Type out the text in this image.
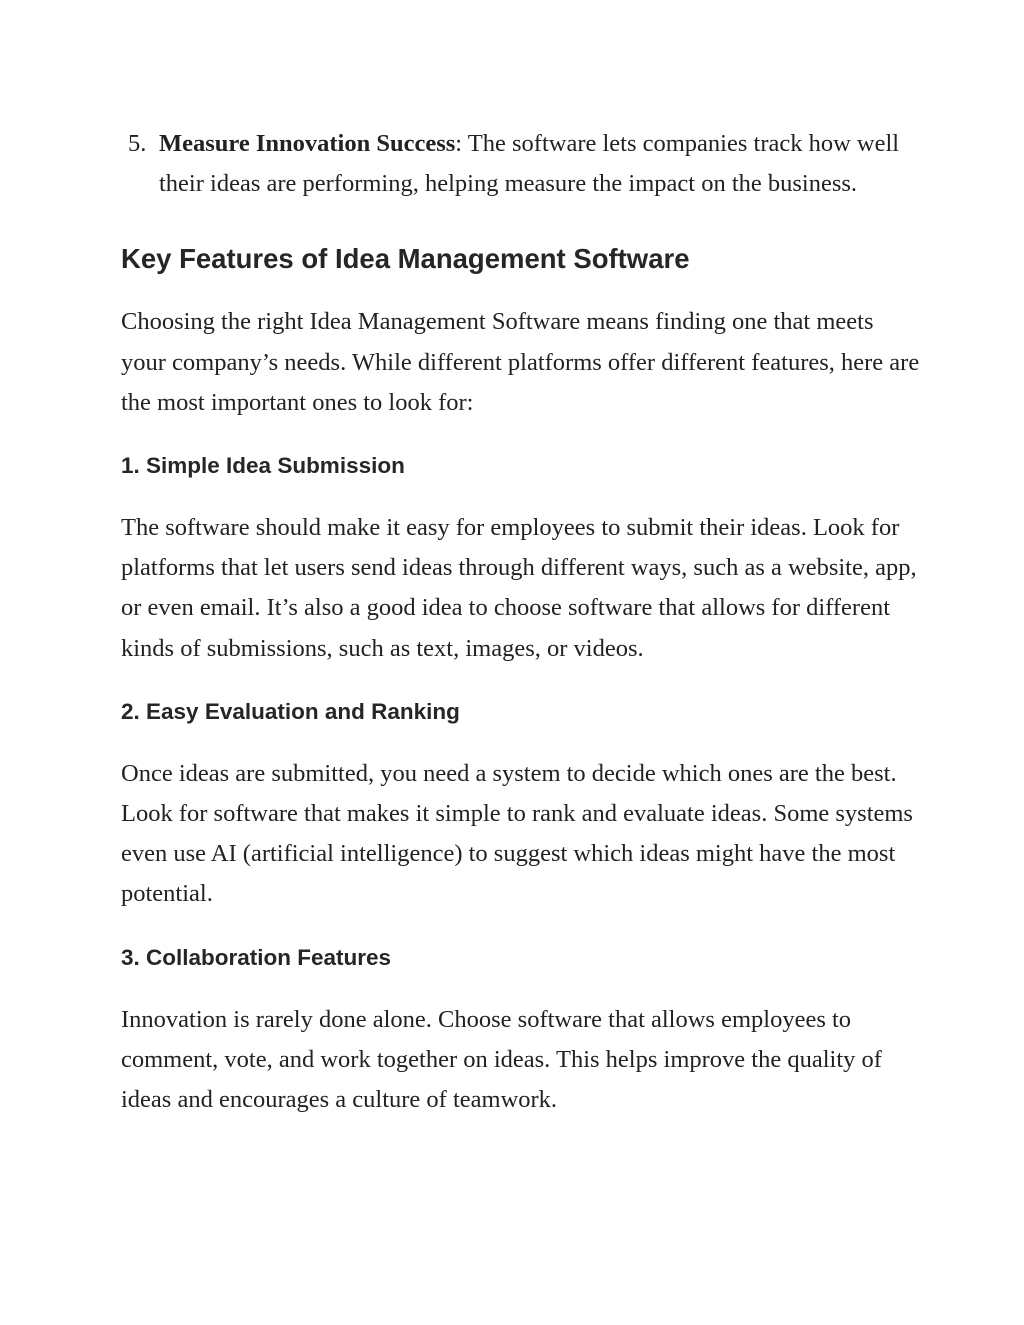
5. Measure Innovation Success: The software lets companies track how well their ideas are performing, helping measure the impact on the business.
Key Features of Idea Management Software

Choosing the right Idea Management Software means finding one that meets your company’s needs. While different platforms offer different features, here are the most important ones to look for:

1. Simple Idea Submission

The software should make it easy for employees to submit their ideas. Look for platforms that let users send ideas through different ways, such as a website, app, or even email. It’s also a good idea to choose software that allows for different kinds of submissions, such as text, images, or videos.

2. Easy Evaluation and Ranking

Once ideas are submitted, you need a system to decide which ones are the best. Look for software that makes it simple to rank and evaluate ideas. Some systems even use AI (artificial intelligence) to suggest which ideas might have the most potential.

3. Collaboration Features

Innovation is rarely done alone. Choose software that allows employees to comment, vote, and work together on ideas. This helps improve the quality of ideas and encourages a culture of teamwork.
